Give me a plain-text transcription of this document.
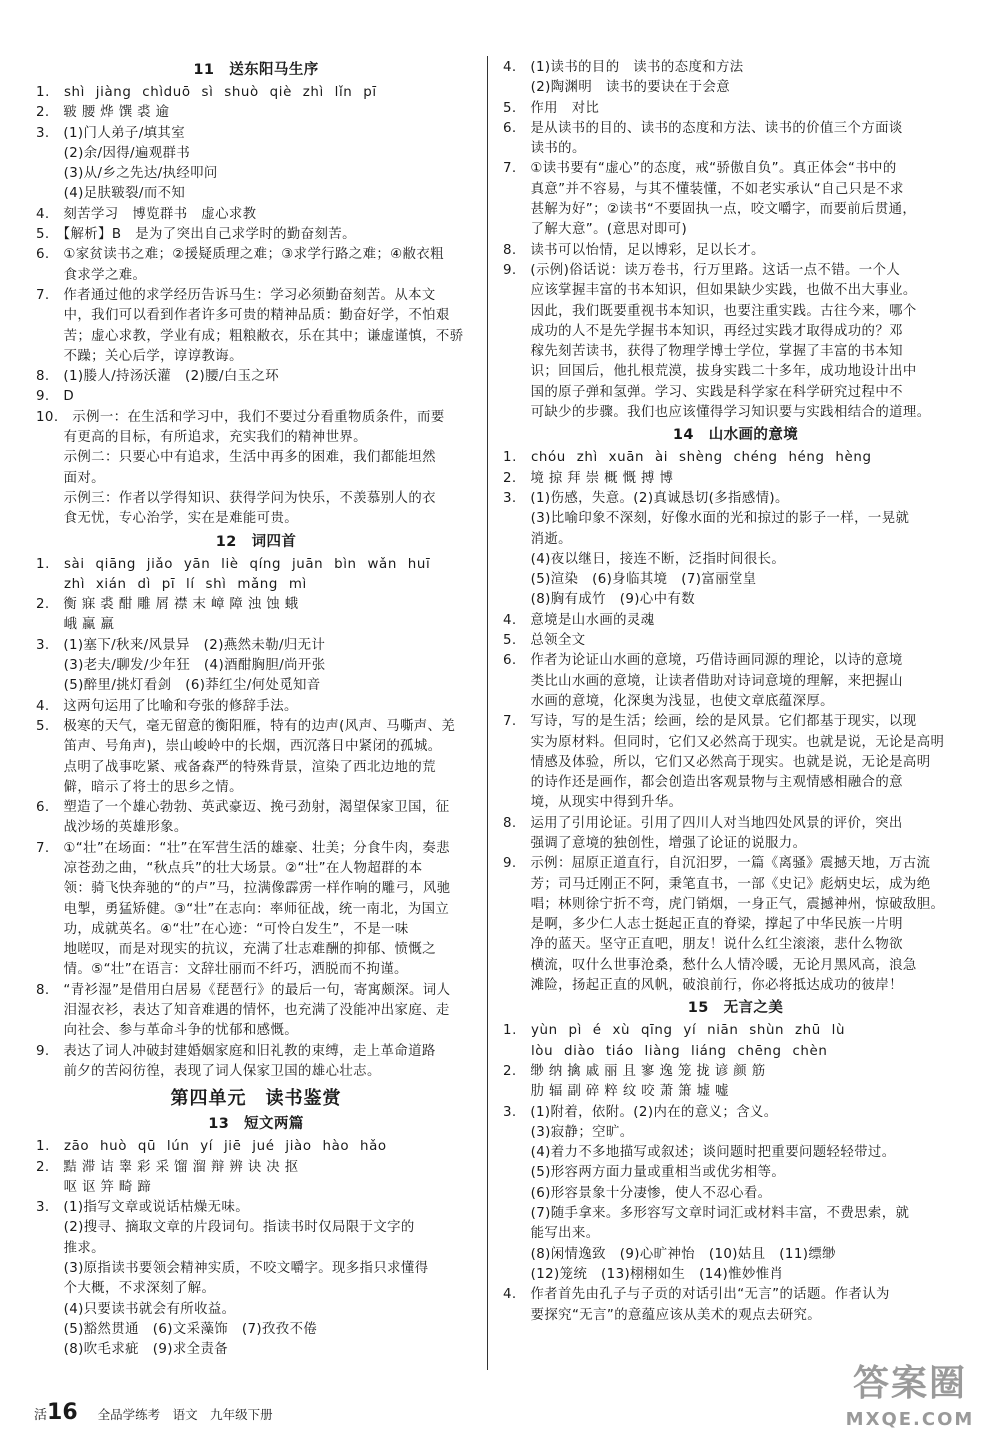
11　送东阳马生序
1.　shì jiàng chìduō sì shuò qiè zhì lǐn pī
2.　皲 腰 烨 馔 裘 逾
3.　(1)门人弟子/填其室
　　(2)余/因得/遍观群书
　　(3)从/乡之先达/执经叩问
　　(4)足肤皲裂/而不知
4.　刻苦学习　博览群书　虚心求教
5.　【解析】B　是为了突出自己求学时的勤奋刻苦。
6.　①家贫读书之难；②援疑质理之难；③求学行路之难；④敝衣粗
　　食求学之难。
7.　作者通过他的求学经历告诉马生：学习必须勤奋刻苦。从本文
　　中，我们可以看到作者许多可贵的精神品质：勤奋好学，不怕艰
　　苦；虚心求教，学业有成；粗粮敝衣，乐在其中；谦虚谨慎，不骄
　　不躁；关心后学，谆谆教诲。
8.　(1)媵人/持汤沃灌　(2)腰/白玉之环
9.　D
10.　示例一：在生活和学习中，我们不要过分看重物质条件，而要
　　有更高的目标，有所追求，充实我们的精神世界。
　　示例二：只要心中有追求，生活中再多的困难，我们都能坦然
　　面对。
　　示例三：作者以学得知识、获得学问为快乐，不羡慕别人的衣
　　食无忧，专心治学，实在是难能可贵。
12　词四首
1.　sài qiāng jiǎo yān liè qíng juān bìn wǎn huī
　　zhì xián dì pī lí shì mǎng mì
2.　衡 寐 裘 酣 雕 屑 襟 末 嶂 障 浊 蚀 蛾
　　峨 赢 羸
3.　(1)塞下/秋来/风景异　(2)燕然未勒/归无计
　　(3)老夫/聊发/少年狂　(4)酒酣胸胆/尚开张
　　(5)醉里/挑灯看剑　(6)莽红尘/何处觅知音
4.　这两句运用了比喻和夸张的修辞手法。
5.　极寒的天气，毫无留意的衡阳雁，特有的边声(风声、马嘶声、羌
　　笛声、号角声)，崇山峻岭中的长烟，西沉落日中紧闭的孤城。
　　点明了战事吃紧、戒备森严的特殊背景，渲染了西北边地的荒
　　僻，暗示了将士的思乡之情。
6.　塑造了一个雄心勃勃、英武豪迈、挽弓劲射，渴望保家卫国，征
　　战沙场的英雄形象。
7.　①“壮”在场面：“壮”在军营生活的雄豪、壮美；分食牛肉，奏悲
　　凉苍劲之曲，“秋点兵”的壮大场景。②“壮”在人物超群的本
　　领：骑飞快奔驰的“的卢”马，拉满像霹雳一样作响的雕弓，风驰
　　电掣，勇猛矫健。③“壮”在志向：率师征战，统一南北，为国立
　　功，成就英名。④“壮”在心迹：“可怜白发生”，不是一味
　　地嗟叹，而是对现实的抗议，充满了壮志难酬的抑郁、愤慨之
　　情。⑤“壮”在语言：文辞壮丽而不纤巧，洒脱而不拘谨。
8.　“青衫湿”是借用白居易《琵琶行》的最后一句，寄寓颇深。词人
　　泪湿衣衫，表达了知音难遇的情怀，也充满了没能冲出家庭、走
　　向社会、参与革命斗争的忧郁和感慨。
9.　表达了词人冲破封建婚姻家庭和旧礼教的束缚，走上革命道路
　　前夕的苦闷彷徨，表现了词人保家卫国的雄心壮志。
第四单元　读书鉴赏
13　短文两篇
1.　zāo huò qū lún yí jiē jué jiào hào hǎo
2.　黠 滞 诘 睾 彩 采 馏 溜 辩 辨 诀 决 抠
　　呕 讴 笄 畸 蹄
3.　(1)指写文章或说话枯燥无味。
　　(2)搜寻、摘取文章的片段词句。指读书时仅局限于文字的
　　推求。
　　(3)原指读书要领会精神实质，不咬文嚼字。现多指只求懂得
　　个大概，不求深刻了解。
　　(4)只要读书就会有所收益。
　　(5)豁然贯通　(6)文采藻饰　(7)孜孜不倦
　　(8)吹毛求疵　(9)求全责备
4.　(1)读书的目的　读书的态度和方法
　　(2)陶渊明　读书的要诀在于会意
5.　作用　对比
6.　是从读书的目的、读书的态度和方法、读书的价值三个方面谈
　　读书的。
7.　①读书要有“虚心”的态度，戒“骄傲自负”。真正体会“书中的
　　真意”并不容易，与其不懂装懂，不如老实承认“自己只是不求
　　甚解为好”；②读书“不要固执一点，咬文嚼字，而要前后贯通，
　　了解大意”。(意思对即可)
8.　读书可以怡情，足以博彩，足以长才。
9.　(示例)俗话说：读万卷书，行万里路。这话一点不错。一个人
　　应该掌握丰富的书本知识，但如果缺少实践，也做不出大事业。
　　因此，我们既要重视书本知识，也要注重实践。古往今来，哪个
　　成功的人不是先学握书本知识，再经过实践才取得成功的？邓
　　稼先刻苦读书，获得了物理学博士学位，掌握了丰富的书本知
　　识；回国后，他扎根荒漠，拔身实践二十多年，成功地设计出中
　　国的原子弹和氢弹。学习、实践是科学家在科学研究过程中不
　　可缺少的步骤。我们也应该懂得学习知识要与实践相结合的道理。
14　山水画的意境
1.　chóu zhì xuān ài shèng chéng héng hèng
2.　境 掠 拜 崇 概 慨 搏 博
3.　(1)伤感，失意。(2)真诚恳切(多指感情)。
　　(3)比喻印象不深刻，好像水面的光和掠过的影子一样，一晃就
　　消逝。
　　(4)夜以继日，接连不断，泛指时间很长。
　　(5)渲染　(6)身临其境　(7)富丽堂皇
　　(8)胸有成竹　(9)心中有数
4.　意境是山水画的灵魂
5.　总领全文
6.　作者为论证山水画的意境，巧借诗画同源的理论，以诗的意境
　　类比山水画的意境，让读者借助对诗词意境的理解，来把握山
　　水画的意境，化深奥为浅显，也使文章底蕴深厚。
7.　写诗，写的是生活；绘画，绘的是风景。它们都基于现实，以现
　　实为原材料。但同时，它们又必然高于现实。也就是说，无论是高明
　　情感及体验，所以，它们又必然高于现实。也就是说，无论是高明
　　的诗作还是画作，都会创造出客观景物与主观情感相融合的意
　　境，从现实中得到升华。
8.　运用了引用论证。引用了四川人对当地四处风景的评价，突出
　　强调了意境的独创性，增强了论证的说服力。
9.　示例：屈原正道直行，自沉汨罗，一篇《离骚》震撼天地，万古流
　　芳；司马迁刚正不阿，秉笔直书，一部《史记》彪炳史坛，成为绝
　　唱；林则徐宁折不弯，虎门销烟，一身正气，震撼神州，惊破敌胆。
　　是啊，多少仁人志士挺起正直的脊梁，撑起了中华民族一片明
　　净的蓝天。坚守正直吧，朋友！说什么红尘滚滚，悲什么物欲
　　横流，叹什么世事沧桑，愁什么人情冷暖，无论月黑风高，浪急
　　滩险，扬起正直的风帆，破浪前行，你必将抵达成功的彼岸！
15　无言之美
1.　yùn pì é xù qīng yí niān shùn zhū lù
　　lòu diào tiáo liàng liáng chēng chèn
2.　缈 纳 擒 戚 丽 且 寥 逸 笼 拢 谚 颜 筋
　　肋 辐 副 碎 粹 纹 咬 萧 箫 墟 嘘
3.　(1)附着，依附。(2)内在的意义；含义。
　　(3)寂静；空旷。
　　(4)着力不多地描写或叙述；谈问题时把重要问题轻轻带过。
　　(5)形容两方面力量或重相当或优劣相等。
　　(6)形容景象十分凄惨，使人不忍心看。
　　(7)随手拿来。多形容写文章时词汇或材料丰富，不费思索，就
　　能写出来。
　　(8)闲情逸致　(9)心旷神怡　(10)姑且　(11)缥缈
　　(12)笼统　(13)栩栩如生　(14)惟妙惟肖
4.　作者首先由孔子与子贡的对话引出“无言”的话题。作者认为
　　要探究“无言”的意蕴应该从美术的观点去研究。
活 16 全品学练考　语文　九年级下册
答案圈
MXQE.COM
